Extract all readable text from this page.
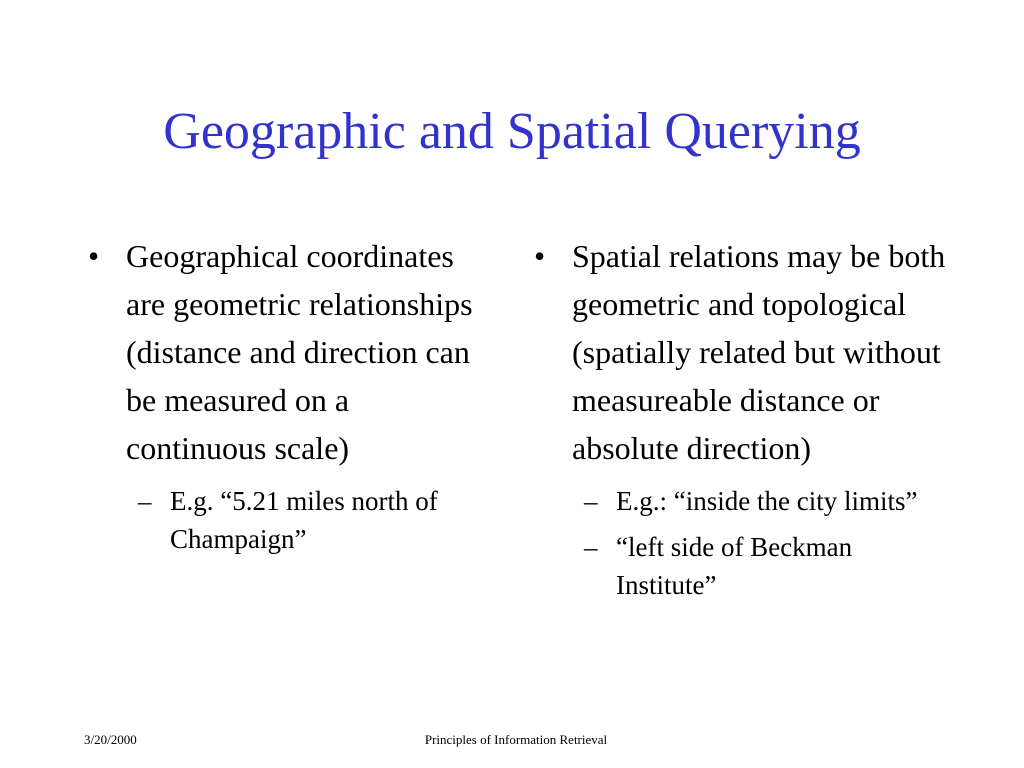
Geographic and Spatial Querying

• Geographical coordinates are geometric relationships (distance and direction can be measured on a continuous scale)

– E.g. “5.21 miles north of Champaign”

• Spatial relations may be both geometric and topological (spatially related but without measureable distance or absolute direction)

– E.g.: “inside the city limits”

– “left side of Beckman Institute”

3/20/2000	Principles of Information Retrieval
